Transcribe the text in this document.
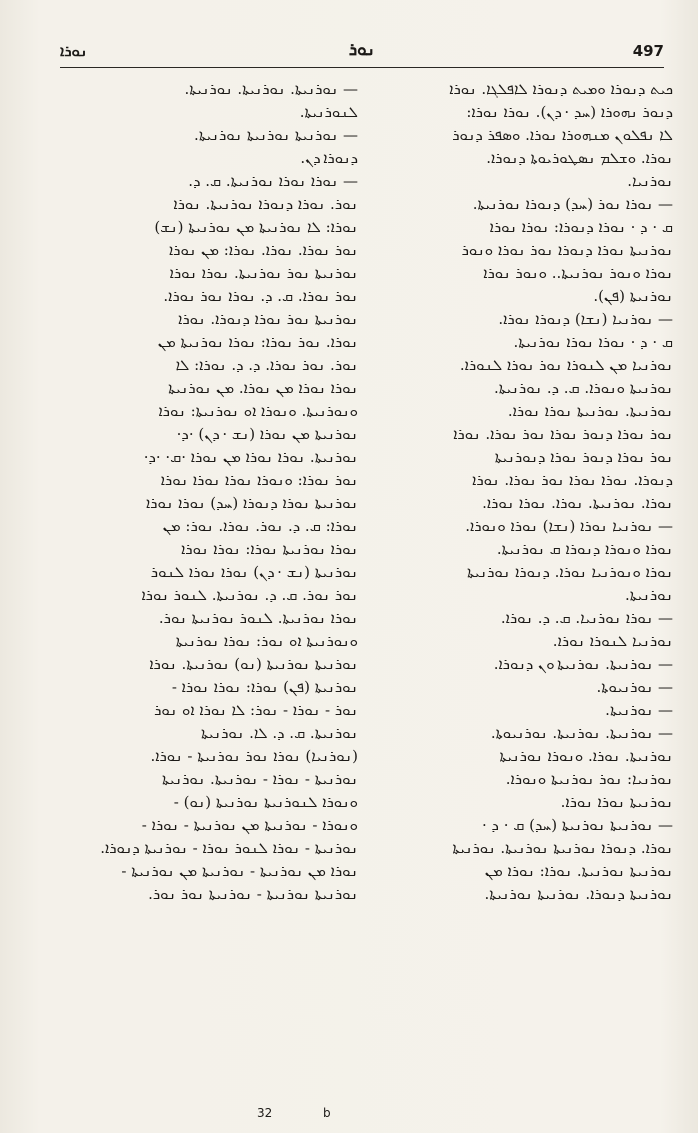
ܢܘܪܐ	ܢܘܪ	497
— ܢܘܪܢܝܬܐ. ܢܘܪܢܝܬܐ. ܢܘܪܢܝܬܐ.
ܠܢܘܪܢܝܬܐ.
— ܢܘܪܢܝܬܐ ܢܘܪܢܝܬܐ ܢܘܪܢܝܬܐ.
ܕܢܘܪܐ ܕܢ.
— ܢܘܪܐ ܢܘܪܐ ܢܘܪܢܝܬܐ. ܩ. ܕ.
ܢܘܪ. ܢܘܪܐ ܕܢܘܪܐ ܢܘܪܢܝܬܐ. ܢܘܪܐ
ܢܘܪܐ: ܠܐ ܢܘܪܢܝܬܐ ܡܢ ܢܘܪܢܝܬܐ (ܢܫ)
ܢܘܪ ܢܘܪܐ. ܢܘܪܐ. ܢܘܪܐ: ܡܢ ܢܘܪܐ
ܢܘܪܢܝܬܐ ܢܘܪ ܢܘܪܢܝܬܐ. ܢܘܪܐ ܢܘܪܐ
ܢܘܪ ܢܘܪܐ. ܩ. ܕ. ܢܘܪܐ ܢܘܪ ܢܘܪܐ.
ܢܘܪܢܝܬܐ ܢܘܪ ܢܘܪܐ ܕܢܘܪܐ. ܢܘܪܐ
ܢܘܪܐ. ܢܘܪ ܢܘܪܐ: ܢܘܪܐ ܢܘܪܢܝܬܐ ܡܢ
ܢܘܪ. ܢܘܪ ܢܘܪܐ. ܕ. ܕ. ܢܘܪܐ: ܠܐ
ܢܘܪܐ ܢܘܪܐ ܡܢ ܢܘܪܐ. ܡܢ ܢܘܪܢܝܬܐ
ܘܢܘܪܢܝܬܐ. ܘܢܘܪܐ ܐܘ ܢܘܪܢܝܬܐ: ܢܘܪܐ
ܢܘܪܢܝܬܐ ܡܢ ܢܘܪܐ (ܢܫ · ܕܢ) ·ܕ·
ܢܘܪܢܝܬܐ. ܢܘܪܐ ܢܘܪܐ ܡܢ ܢܘܪܐ ·ܩ· ·ܕ·
ܢܘܪ ܢܘܪܐ: ܘܢܘܪܐ ܢܘܪܐ ܢܘܪܐ ܢܘܪܐ
ܢܘܪܢܝܬܐ ܢܘܪܐ ܕܢܘܪܐ (ܚܕ) ܢܘܪܐ ܢܘܪܐ
ܢܘܪܐ: ܩ. ܕ. ܢܘܪ. ܢܘܪܐ. ܢܘܪ: ܡܢ
ܢܘܪܐ ܢܘܪܢܝܬܐ ܢܘܪܐ: ܢܘܪܐ ܢܘܪܐ
ܢܘܪܢܝܬܐ (ܢܫ · ܕܢ) ܢܘܪܐ ܢܘܪܐ ܠܢܘܪ
ܢܘܪ ܢܘܪ. ܩ. ܕ. ܢܘܪܢܝܬܐ. ܠܢܘܪ ܢܘܪܐ
ܢܘܪܐ ܢܘܪܢܝܬܐ. ܠܢܘܪ ܢܘܪܢܝܬܐ ܢܘܪ.
ܘܢܘܪܢܝܬܐ ܐܘ ܢܘܪ: ܢܘܪܐ ܢܘܪܢܝܬܐ
ܢܘܪܢܝܬܐ ܢܘܪܢܝܬܐ (ܢܘ) ܢܘܪܢܝܬܐ. ܢܘܪܐ
ܢܘܪܢܝܬܐ (ܦܢ) ܢܘܪܐ: ܢܘܪܐ ܢܘܪܐ -
ܢܘܪ - ܢܘܪܐ - ܢܘܪ: ܠܐ ܢܘܪܐ ܐܘ ܢܘܪ
ܢܘܪܢܝܬܐ. ܩ. ܕ. ܠܐ. ܢܘܪܢܝܬܐ
(ܢܘܪܢܝܐ) ܢܘܪܐ ܢܘܪ ܢܘܪܢܝܬܐ - ܢܘܪܐ.
ܢܘܪܢܝܬܐ - ܢܘܪܐ - ܢܘܪܢܝܬܐ. ܢܘܪܢܝܬܐ
ܘܢܘܪܐ ܠܢܘܪܢܝܬܐ ܢܘܪܢܝܬܐ (ܢܘ) -
ܘܢܘܪܐ - ܢܘܪܢܝܬܐ ܡܢ ܢܘܪܢܝܬܐ - ܢܘܪܐ -
ܢܘܪܢܝܬܐ - ܢܘܪܐ ܠܢܘܪ ܢܘܪܐ - ܢܘܪܢܝܬܐ ܕܢܘܪܐ.
ܢܘܪܐ ܡܢ ܢܘܪܢܝܬܐ - ܢܘܪܢܝܬܐ ܡܢ ܢܘܪܢܝܬܐ -
ܢܘܪܢܝܬܐ ܢܘܪܢܝܬܐ - ܢܘܪܢܝܬܐ ܢܘܪ ܢܘܪ.
ܟܝܬ ܕܢܘܪܐ ܘܡܝܬ ܕܢܘܪܐ ܠܐܦܠܓܐ. ܢܘܪܐ
ܕܢܘܪ ܢܗܘܪܐ (ܚܕ · ܕܢ). ܢܘܪܐ ܢܘܪܐ:
ܠܐ ܢܦܠܘܢ ܡܢܗܘܪܐ ܢܘܪܐ. ܘܣܦܪ ܕܢܘܪ
ܢܘܪܐ. ܘܫܠܡ ܢܣܛܘܪܝܘܬܐ ܕܢܘܪܐ.
ܢܘܪܢܝܐ.
— ܢܘܪܐ ܢܘܪ (ܚܕ) ܕܢܘܪܐ ܢܘܪܢܝܬܐ.
ܩ · ܕ · ܢܘܪܐ ܕܢܘܪܐ: ܢܘܪܐ ܢܘܪܐ
ܢܘܪܢܝܬܐ ܢܘܪܐ ܕܢܘܪܐ ܢܘܪ ܢܘܪܐ ܘܢܘܪ
ܢܘܪܐ ܘܢܘܪ ܢܘܪܢܝܬܐ.. ܘܢܘܪ ܢܘܪܐ
ܢܘܪܢܝܬܐ (ܦܢ).
— ܢܘܪܢܝܐ (ܢܫܐ) ܕܢܘܪܐ ܢܘܪܐ.
ܩ · ܕ · ܢܘܪܐ ܢܘܪܐ ܢܘܪܢܝܬܐ.
ܢܘܪܢܝܐ ܡܢ ܠܢܘܪܐ ܢܘܪ ܢܘܪܐ ܠܢܘܪܐ.
ܢܘܪܢܝܬܐ ܘܢܘܪܐ. ܩ. ܕ. ܢܘܪܢܝܬܐ.
ܢܘܪܢܝܬܐ. ܢܘܪܢܝܬܐ ܢܘܪܐ ܢܘܪܐ.
ܢܘܪ ܢܘܪܐ ܕܢܘܪ ܢܘܪܐ ܢܘܪ ܢܘܪܐ. ܢܘܪܐ
ܢܘܪ ܢܘܪܐ ܕܢܘܪ ܢܘܪܐ ܕܢܘܪܢܝܬܐ
ܕܢܘܪܐ. ܢܘܪܐ ܢܘܪܐ ܢܘܪ ܢܘܪܐ. ܢܘܪܐ
ܢܘܪܐ. ܢܘܪܢܝܬܐ. ܢܘܪܐ. ܢܘܪܐ ܢܘܪܐ.
— ܢܘܪܢܝܐ ܢܘܪܐ (ܢܫܐ) ܢܘܪܐ ܘܢܘܪܐ.
ܢܘܪܐ ܘܢܘܪܐ ܕܢܘܪܐ ܩ ܢܘܪܢܝܬܐ.
ܢܘܪܐ ܘܢܘܪܢܝܐ ܢܘܪܐ. ܕܢܘܪܐ ܢܘܪܢܝܬܐ
ܢܘܪܢܝܬܐ.
— ܢܘܪܐ ܢܘܪܢܝܐ. ܩ. ܕ. ܢܘܪܐ.
ܢܘܪܢܝܐ ܠܢܘܪܐ ܢܘܪܐ.
— ܢܘܪܢܝܬܐ. ܢܘܪܢܝܬܐ ܘܢ ܕܢܘܪܐ.
— ܢܘܪܢܝܘܬܐ.
— ܢܘܪܢܝܬܐ.
— ܢܘܪܢܝܬܐ. ܢܘܪܢܝܬܐ. ܢܘܪܢܝܘܬܐ.
ܢܘܪܢܝܬܐ. ܢܘܪܐ. ܘܢܘܪܐ ܢܘܪܢܝܬܐ
ܢܘܪܢܝܐ: ܢܘܪ ܢܘܪܢܝܬܐ ܘܢܘܪܐ.
ܢܘܪܢܝܬܐ ܢܘܪܐ ܢܘܪܐ.
— ܢܘܪܢܝܬܐ ܢܘܪܢܝܬܐ (ܚܕ) ܩ · ܕ ·
ܢܘܪܐ. ܕܢܘܪܐ ܢܘܪܢܝܬܐ ܢܘܪܢܝܬܐ. ܢܘܪܢܝܬܐ
ܢܘܪܢܝܬܐ ܢܘܪܢܝܬܐ. ܢܘܪܐ: ܢܘܪܐ ܡܢ
ܢܘܪܢܝܬܐ ܕܢܘܪܐ. ܢܘܪܢܝܬܐ ܢܘܪܢܝܬܐ.
32	b
